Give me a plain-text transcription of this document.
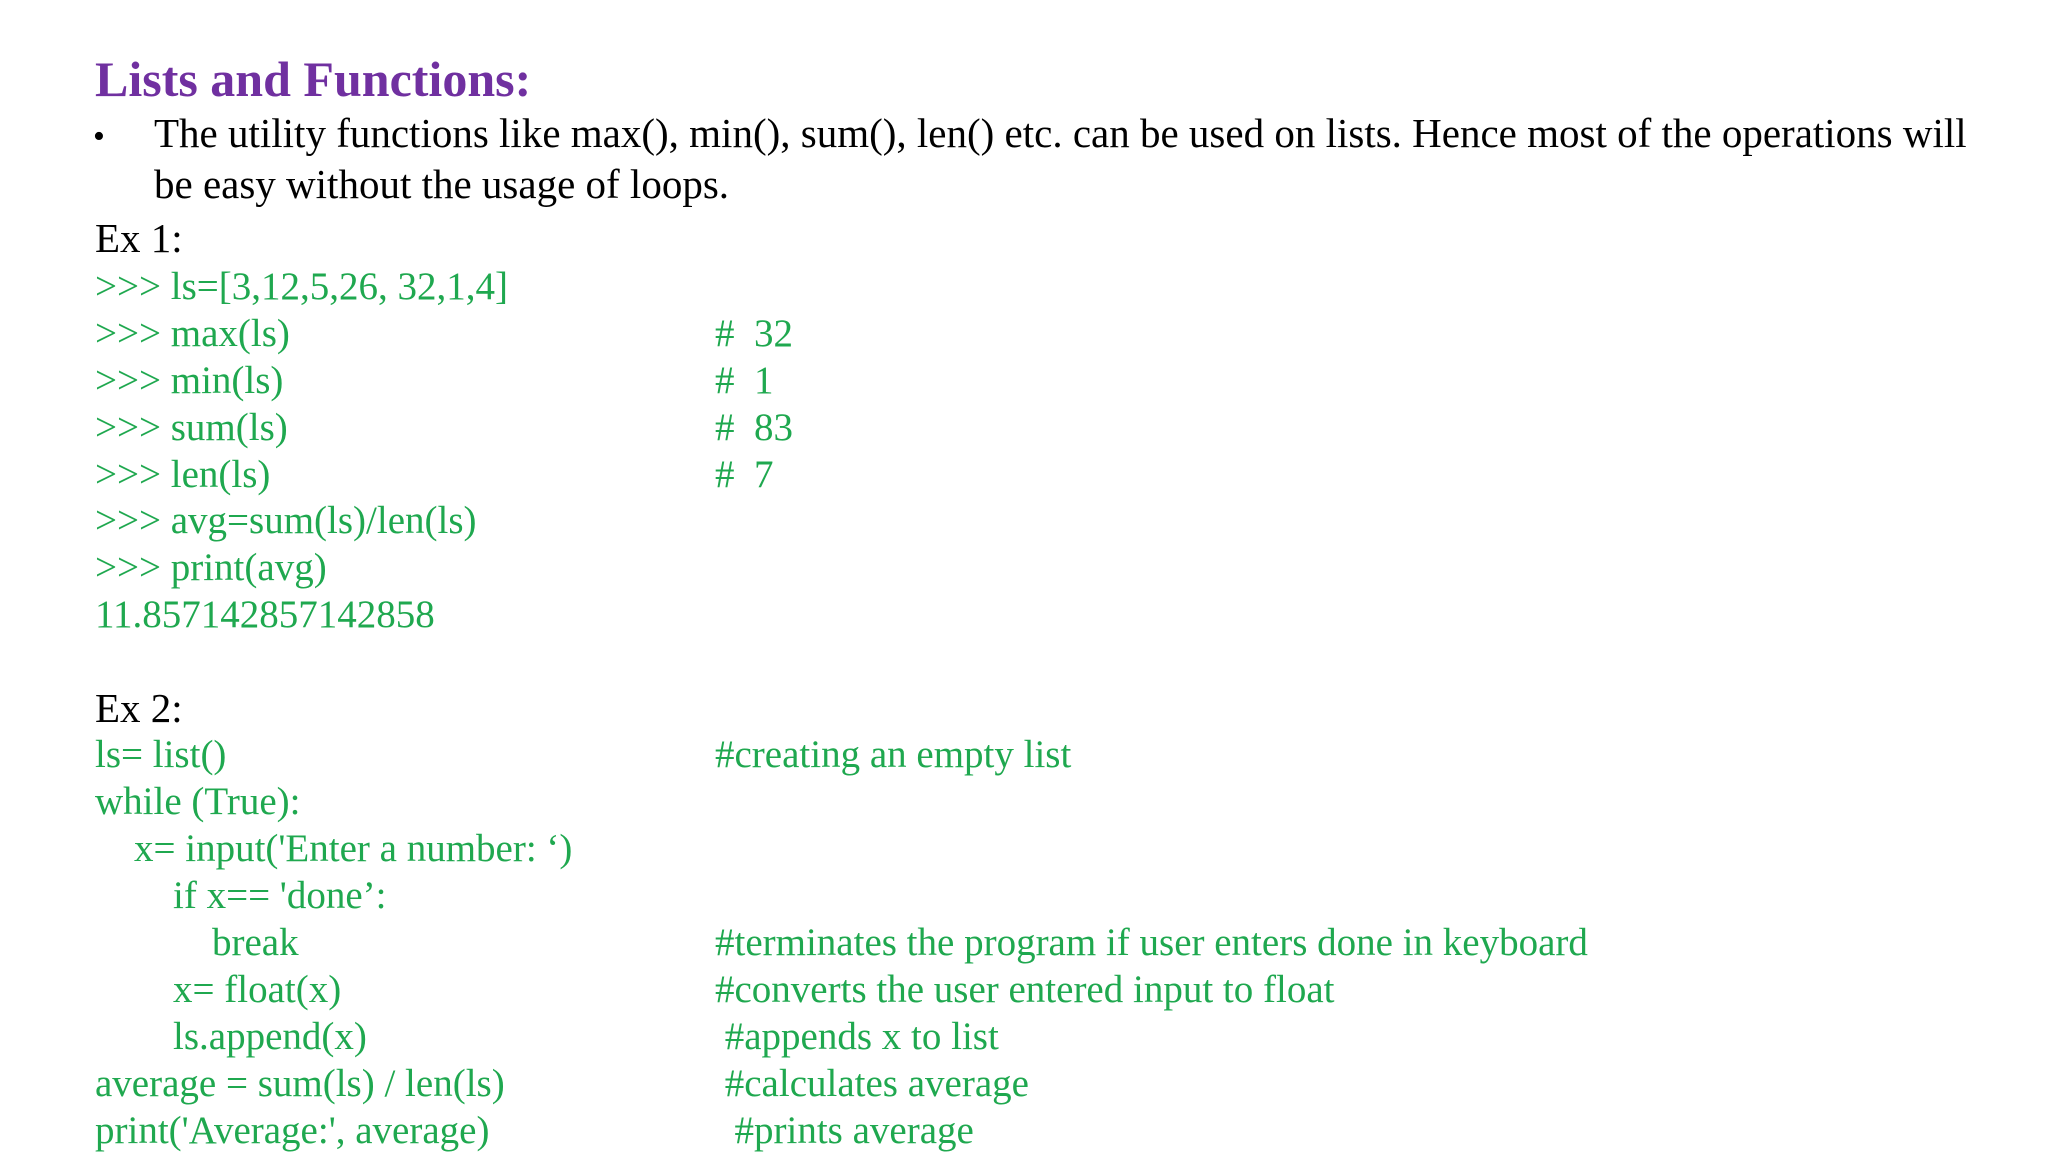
Lists and Functions:
• The utility functions like max(), min(), sum(), len() etc. can be used on lists. Hence most of the operations will be easy without the usage of loops.
Ex 1:
>>> ls=[3,12,5,26, 32,1,4]
>>> max(ls)	#  32
>>> min(ls)	#  1
>>> sum(ls)	#  83
>>> len(ls)	#  7
>>> avg=sum(ls)/len(ls)
>>> print(avg)
11.857142857142858
Ex 2:
ls= list()	#creating an empty list
while (True):
x= input('Enter a number: ‘)
if x== 'done’:
break	#terminates the program if user enters done in keyboard
x= float(x)	#converts the user entered input to float
ls.append(x)	#appends x to list
average = sum(ls) / len(ls)	#calculates average
print('Average:', average)	#prints average
